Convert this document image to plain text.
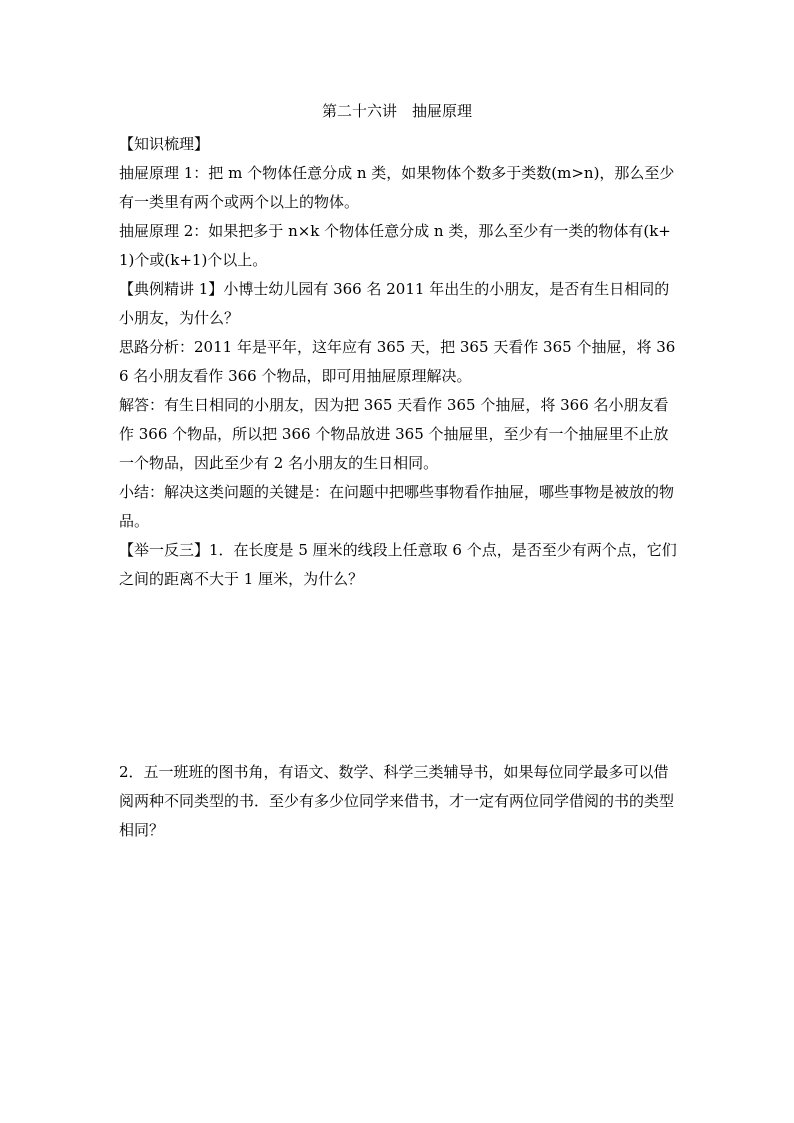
第二十六讲　抽屉原理

【知识梳理】

抽屉原理 1：把 m 个物体任意分成 n 类，如果物体个数多于类数(m>n)，那么至少有一类里有两个或两个以上的物体。

抽屉原理 2：如果把多于 n×k 个物体任意分成 n 类，那么至少有一类的物体有(k+1)个或(k+1)个以上。

【典例精讲 1】小博士幼儿园有 366 名 2011 年出生的小朋友，是否有生日相同的小朋友，为什么？

思路分析：2011 年是平年，这年应有 365 天，把 365 天看作 365 个抽屉，将 366 名小朋友看作 366 个物品，即可用抽屉原理解决。

解答：有生日相同的小朋友，因为把 365 天看作 365 个抽屉，将 366 名小朋友看作 366 个物品，所以把 366 个物品放进 365 个抽屉里，至少有一个抽屉里不止放一个物品，因此至少有 2 名小朋友的生日相同。

小结：解决这类问题的关键是：在问题中把哪些事物看作抽屉，哪些事物是被放的物品。

【举一反三】1．在长度是 5 厘米的线段上任意取 6 个点，是否至少有两个点，它们之间的距离不大于 1 厘米，为什么？

2．五一班班的图书角，有语文、数学、科学三类辅导书，如果每位同学最多可以借阅两种不同类型的书．至少有多少位同学来借书，才一定有两位同学借阅的书的类型相同？
